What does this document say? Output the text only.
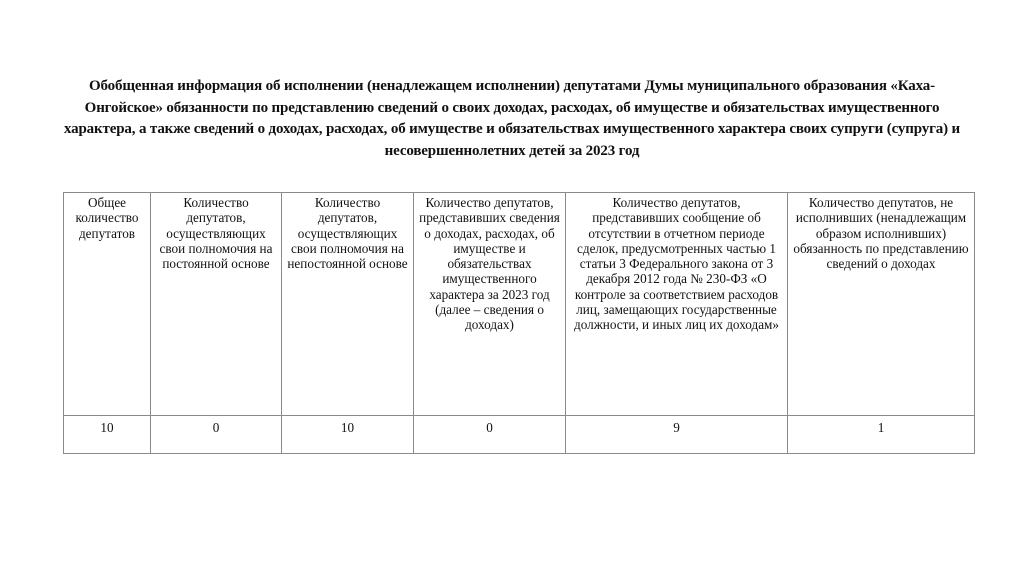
Обобщенная информация об исполнении (ненадлежащем исполнении) депутатами Думы муниципального образования «Каха-Онгойское» обязанности по представлению сведений о своих доходах, расходах, об имуществе и обязательствах имущественного характера, а также сведений о доходах, расходах, об имуществе и обязательствах имущественного характера своих супруги (супруга) и несовершеннолетних детей за 2023 год
Общее количество депутатов	Количество депутатов, осуществляющих свои полномочия на постоянной основе	Количество депутатов, осуществляющих свои полномочия на непостоянной основе	Количество депутатов, представивших сведения о доходах, расходах, об имуществе и обязательствах имущественного характера за 2023 год (далее – сведения о доходах)	Количество депутатов, представивших сообщение об отсутствии в отчетном периоде сделок, предусмотренных частью 1 статьи 3 Федерального закона от 3 декабря 2012 года № 230-ФЗ «О контроле за соответствием расходов лиц, замещающих государственные должности, и иных лиц их доходам»	Количество депутатов, не исполнивших (ненадлежащим образом исполнивших) обязанность по представлению сведений о доходах
10	0	10	0	9	1
